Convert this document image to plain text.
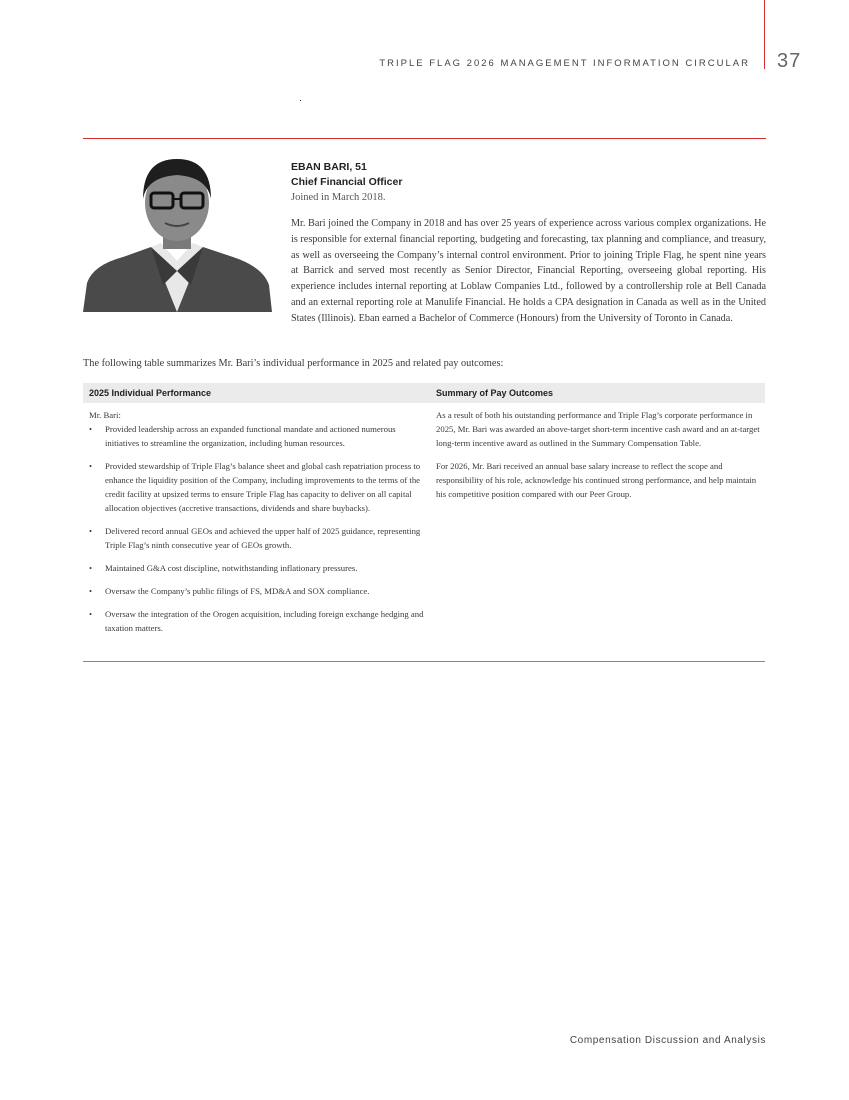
TRIPLE FLAG 2026 MANAGEMENT INFORMATION CIRCULAR 37
EBAN BARI, 51
Chief Financial Officer
Joined in March 2018.
Mr. Bari joined the Company in 2018 and has over 25 years of experience across various complex organizations. He is responsible for external financial reporting, budgeting and forecasting, tax planning and compliance, and treasury, as well as overseeing the Company’s internal control environment. Prior to joining Triple Flag, he spent nine years at Barrick and served most recently as Senior Director, Financial Reporting, overseeing global reporting. His experience includes internal reporting at Loblaw Companies Ltd., followed by a controllership role at Bell Canada and an external reporting role at Manulife Financial. He holds a CPA designation in Canada as well as in the United States (Illinois). Eban earned a Bachelor of Commerce (Honours) from the University of Toronto in Canada.
The following table summarizes Mr. Bari’s individual performance in 2025 and related pay outcomes:
2025 Individual Performance	Summary of Pay Outcomes
Mr. Bari:
• Provided leadership across an expanded functional mandate and actioned numerous initiatives to streamline the organization, including human resources.
• Provided stewardship of Triple Flag’s balance sheet and global cash repatriation process to enhance the liquidity position of the Company, including improvements to the terms of the credit facility at upsized terms to ensure Triple Flag has capacity to deliver on all capital allocation objectives (accretive transactions, dividends and share buybacks).
• Delivered record annual GEOs and achieved the upper half of 2025 guidance, representing Triple Flag’s ninth consecutive year of GEOs growth.
• Maintained G&A cost discipline, notwithstanding inflationary pressures.
• Oversaw the Company’s public filings of FS, MD&A and SOX compliance.
• Oversaw the integration of the Orogen acquisition, including foreign exchange hedging and taxation matters.

As a result of both his outstanding performance and Triple Flag’s corporate performance in 2025, Mr. Bari was awarded an above-target short-term incentive cash award and an at-target long-term incentive award as outlined in the Summary Compensation Table.

For 2026, Mr. Bari received an annual base salary increase to reflect the scope and responsibility of his role, acknowledge his continued strong performance, and help maintain his competitive position compared with our Peer Group.

Compensation Discussion and Analysis
